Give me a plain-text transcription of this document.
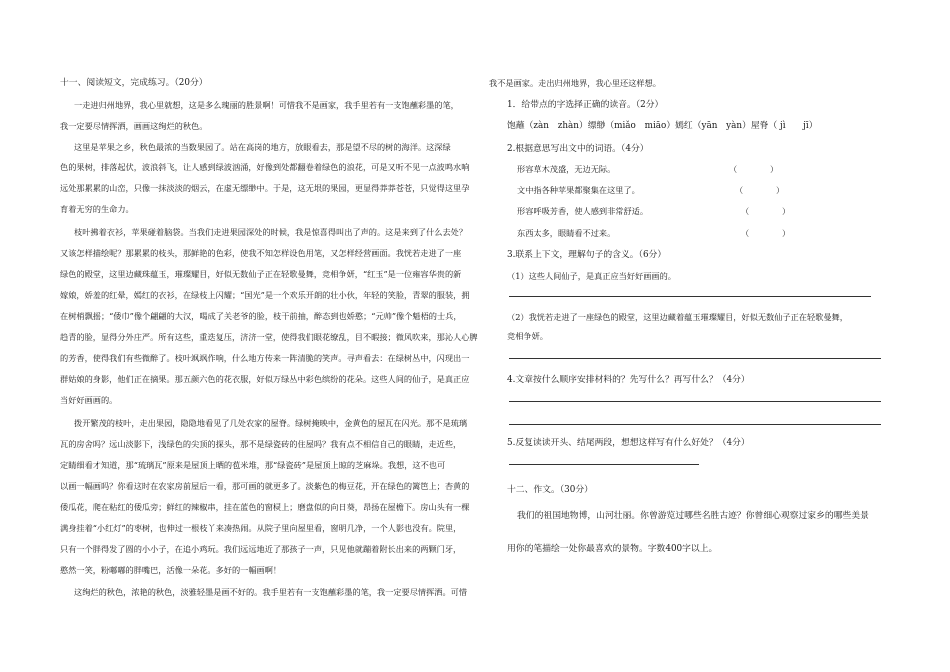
十一、阅读短文，完成练习。（20分）
一走进归州地界，我心里就想，这是多么瑰丽的胜景啊！可惜我不是画家，我手里若有一支饱蘸彩墨的笔，
我一定要尽情挥洒，画画这绚烂的秋色。
这里是苹果之乡，秋色最浓的当数果园了。站在高岗的地方，放眼看去，那是望不尽的树的海洋。这深绿
色的果树，排落起伏，波浪斜飞，让人感到绿波汹涌，好像到处都翻卷着绿色的浪花，可是又听不见一点波鸣水响
远处那累累的山峦，只像一抹淡淡的烟云，在虚无缥缈中。于是，这无垠的果园，更显得莽莽苍苍，只觉得这里孕
育着无穷的生命力。
枝叶拂着衣衫，苹果碰着脑袋。当我们走进果园深处的时候，我是惊喜得叫出了声的。这是来到了什么去处？
又该怎样描绘呢？那累累的枝头，那鲜艳的色彩，使我不知怎样设色用笔，又怎样经营画面。我恍若走进了一座
绿色的殿堂，这里边藏珠蕴玉，璀璨耀目，好似无数仙子正在轻歌曼舞，竞相争妍，“红玉”是一位雍容华贵的新
嫁娘，娇羞的红晕，嫣红的衣衫，在绿枝上闪耀；“国光”是一个欢乐开朗的壮小伙，年轻的笑脸，青翠的服装，拥
在树梢飘摇；“倭巾”像个翩翩的大汉，喝成了关老爷的脸，枝干前抽，醉态到也娇憨；“元帅”像个魁梧的士兵，
趋青的脸，显得分外庄严。所有这些，重迭复压，济济一堂，使得我们眼花缭乱，目不暇接；微风吹来，那沁人心脾
的芳香，使得我们有些微醉了。枝叶飒飒作响，什么地方传来一阵清脆的笑声。寻声看去：在绿树丛中，闪现出一
群姑娘的身影，他们正在摘果。那五颜六色的花衣服，好似万绿丛中彩色缤纷的花朵。这些人间的仙子，是真正应
当好好画画的。
拨开繁茂的枝叶，走出果园，隐隐地看见了几处农家的屋脊。绿树掩映中，金黄色的屋瓦在闪光。那不是琉璃
瓦的房舍吗？远山淡影下，浅绿色的尖顶的探头，那不是绿瓷砖的住屋吗？我有点不相信自己的眼睛，走近些，
定睛细看才知道，那“琉璃瓦”原来是屋顶上晒的苞米堆，那“绿瓷砖”是屋顶上晾的芝麻垛。我想，这不也可
以画一幅画吗？你看这时在农家房前屋后一看，那可画的就更多了。淡紫色的梅豆花，开在绿色的篱笆上；杏黄的
倭瓜花，爬在粘红的倭瓜旁；鲜红的辣椒串，挂在蓝色的窗棂上；磨盘似的向日葵，昂扬在屋檐下。房山头有一棵
满身挂着“小红灯”的枣树，也伸过一根枝丫来凑热闹。从院子里向屋里看，窗明几净，一个人影也没有。院里，
只有一个胖得发了圆的小小子，在追小鸡玩。我们远远地近了那孩子一声，只见他就蹦着附长出来的两颗门牙，
憨然一笑，粉嘟嘟的胖嘴巴，活像一朵花。多好的一幅画啊！
这绚烂的秋色，浓艳的秋色，淡雅轻墨是画不好的。我手里若有一支饱蘸彩墨的笔，我一定要尽情挥洒。可惜
我不是画家。走出归州地界，我心里还这样想。
1．给带点的字选择正确的读音。（2分）
饱蘸（zàn　zhàn）缥缈（miǎo　miāo）嫣红（yān　yàn）屋脊（ jì　　jī）
2.根据意思写出文中的词语。（4分）
形容草木茂盛，无边无际。	（　　　　）
文中指各种苹果都聚集在这里了。	（　　　　）
形容呼吸芳香，使人感到非常舒适。	（　　　　）
东西太多，眼睛看不过来。	（　　　　）
3.联系上下文，理解句子的含义。（6分）
（1）这些人间仙子，是真正应当好好画画的。
（2）我恍若走进了一座绿色的殿堂，这里边藏着蕴玉璀璨耀目，好似无数仙子正在轻歌曼舞，
竞相争妍。
4.文章按什么顺序安排材料的？先写什么？再写什么？（4分）
5.反复读读开头、结尾两段，想想这样写有什么好处？（4分）
十二、作文。（30分）
我们的祖国地物博，山河壮丽。你曾游览过哪些名胜古迹？你曾细心观察过家乡的哪些美景
用你的笔描绘一处你最喜欢的景物。字数400字以上。
